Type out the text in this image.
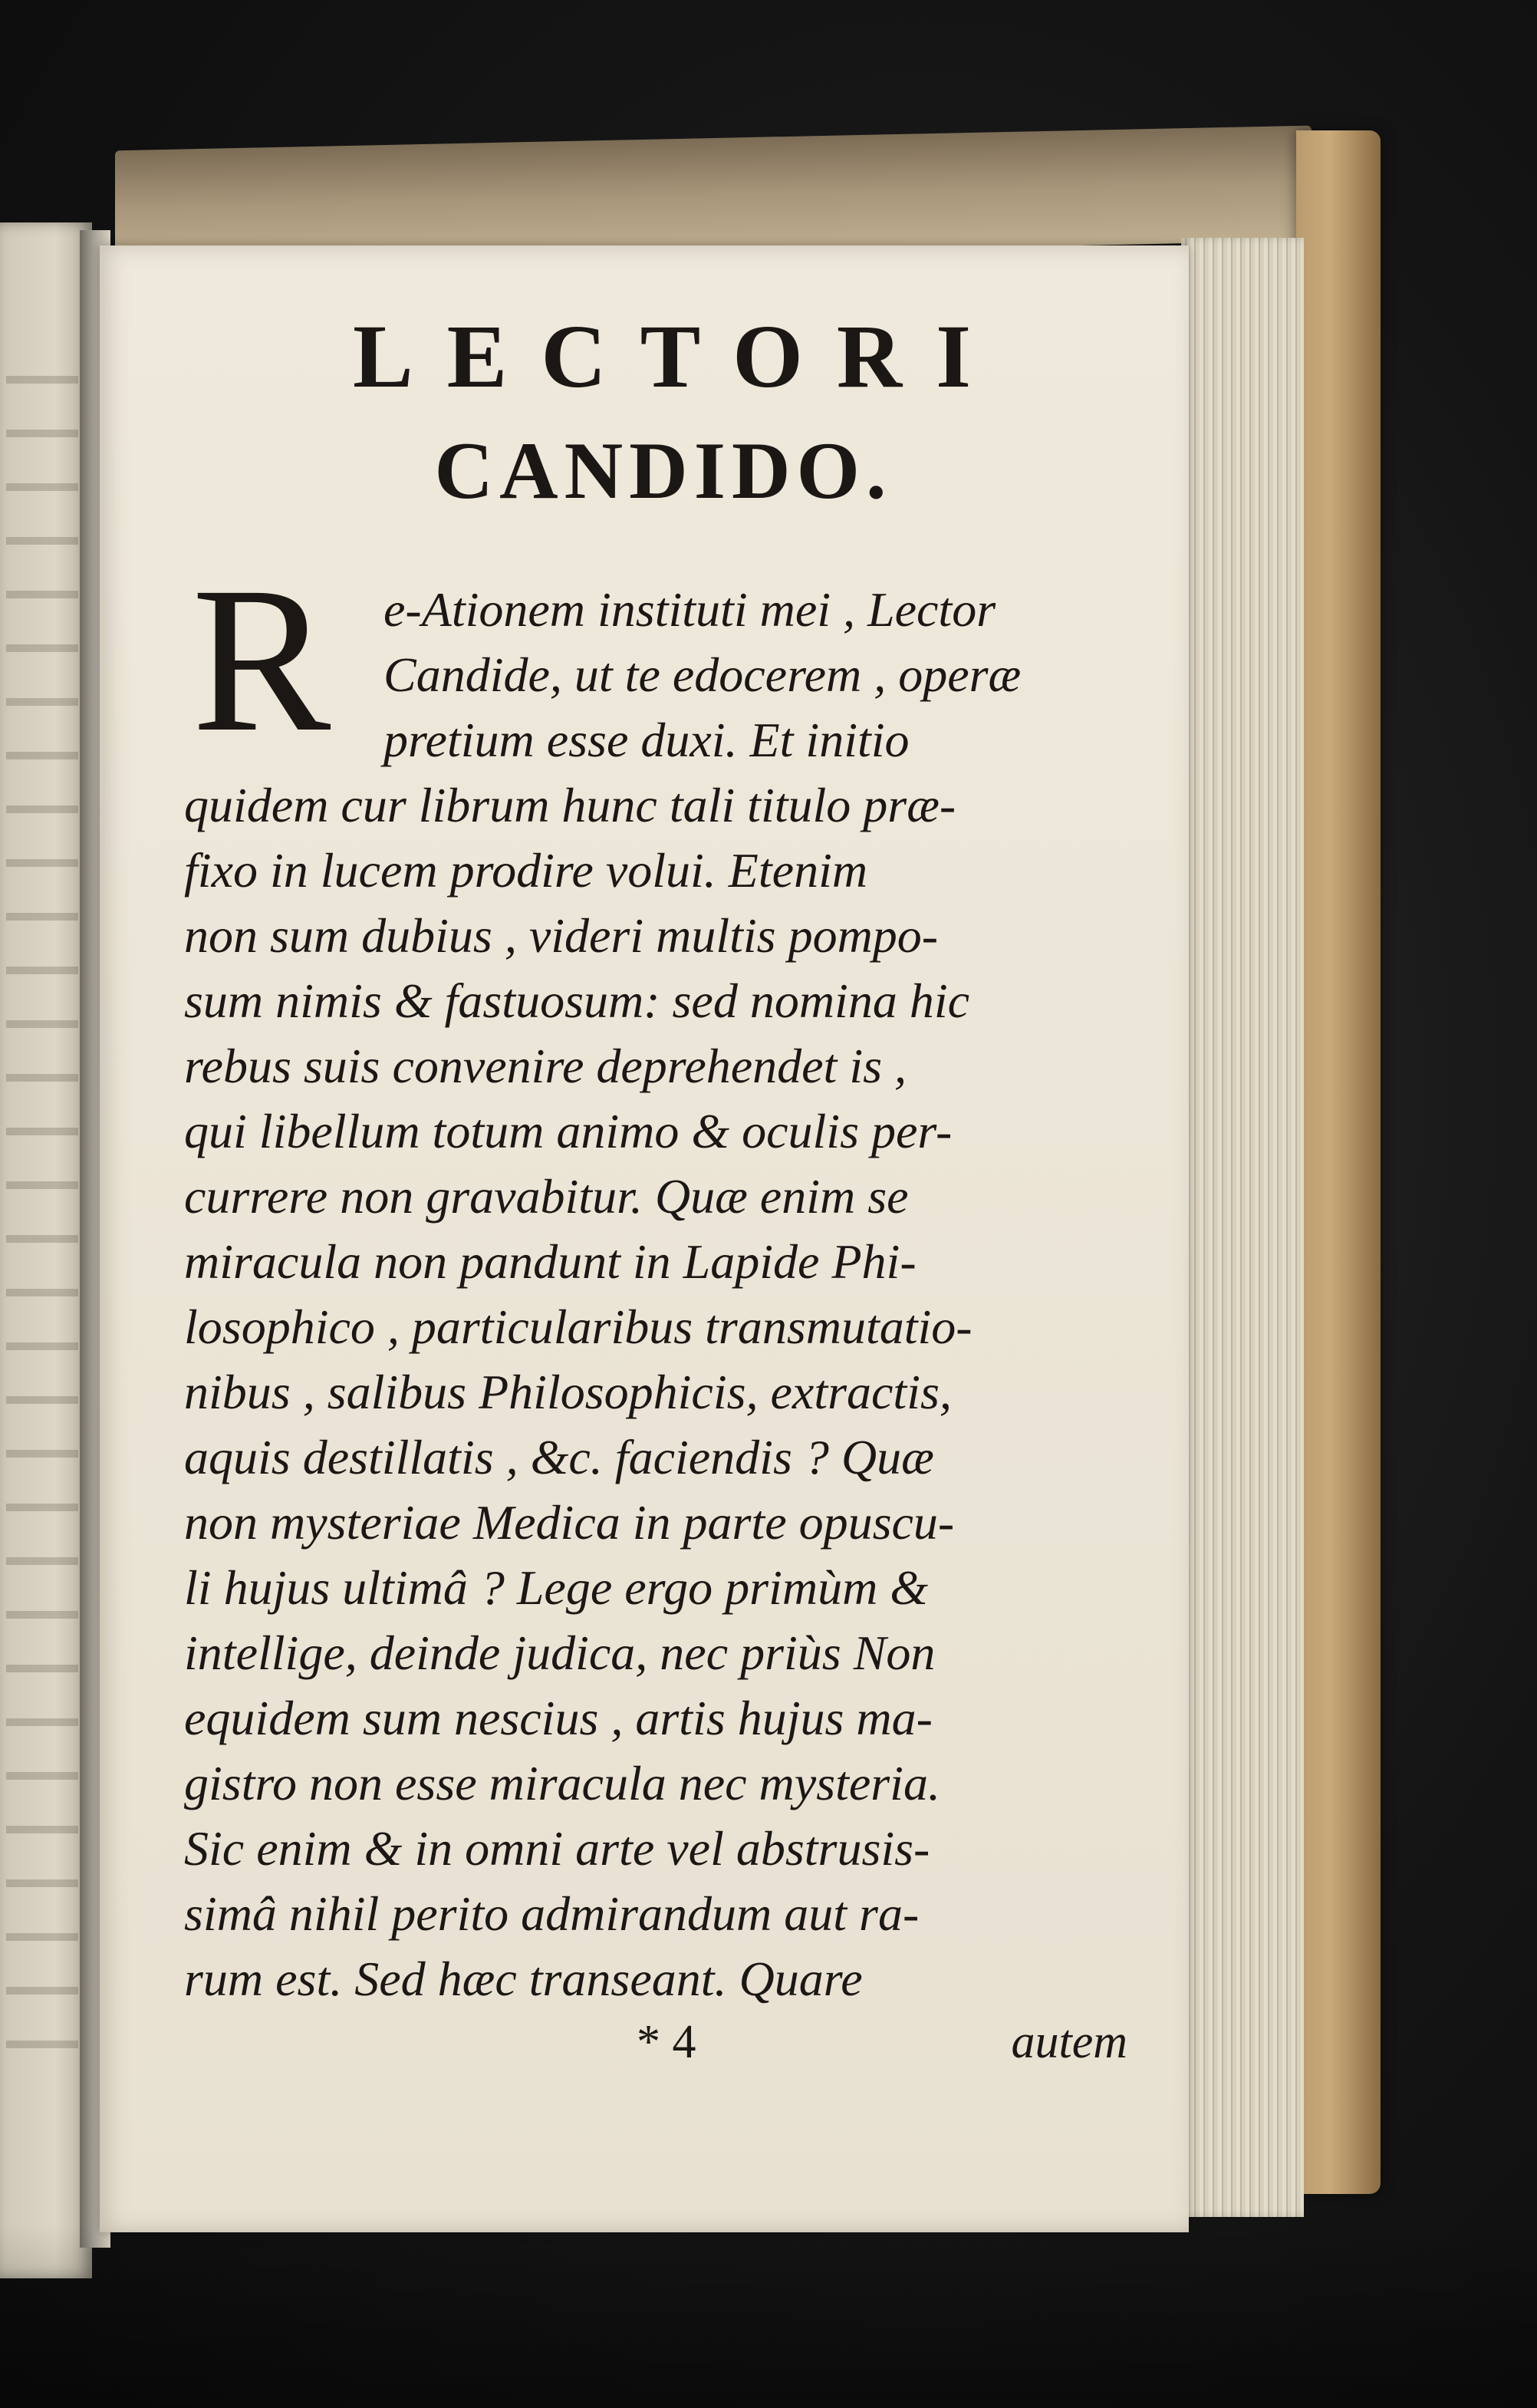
LECTORI
CANDIDO.
R	e-Ationem instituti mei , Lector
Candide, ut te edocerem , operæ
pretium esse duxi. Et initio
quidem cur librum hunc tali titulo præ-
fixo in lucem prodire volui. Etenim
non sum dubius , videri multis pompo-
sum nimis & fastuosum: sed nomina hic
rebus suis convenire deprehendet is ,
qui libellum totum animo & oculis per-
currere non gravabitur. Quæ enim se
miracula non pandunt in Lapide Phi-
losophico , particularibus transmutatio-
nibus , salibus Philosophicis, extractis,
aquis destillatis , &c. faciendis ? Quæ
non mysteriae Medica in parte opuscu-
li hujus ultimâ ? Lege ergo primùm &
intellige, deinde judica, nec priùs Non
equidem sum nescius , artis hujus ma-
gistro non esse miracula nec mysteria.
Sic enim & in omni arte vel abstrusis-
simâ nihil perito admirandum aut ra-
rum est. Sed hæc transeant. Quare
* 4	autem
